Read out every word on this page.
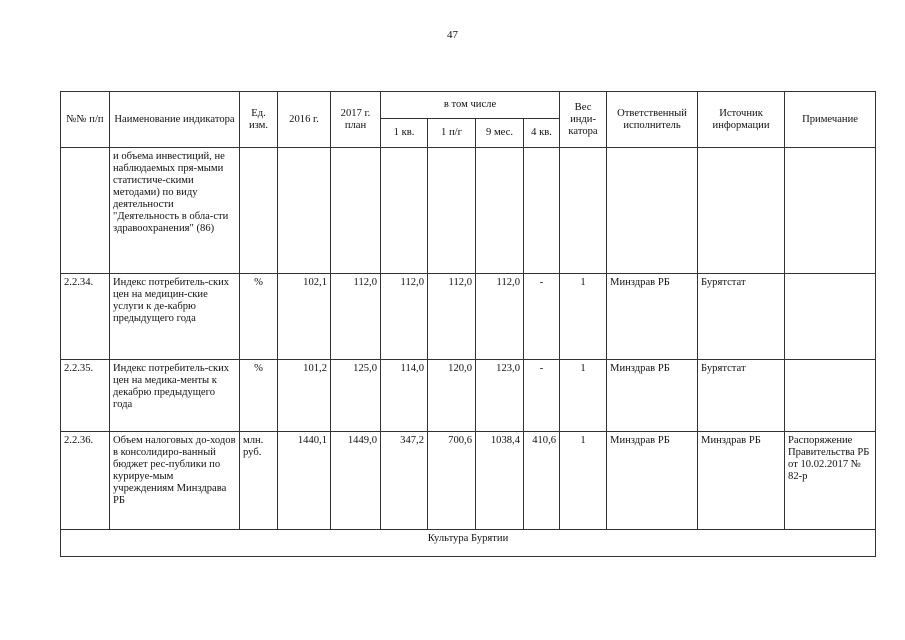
47
№№ п/п	Наименование индикатора	Ед. изм.	2016 г.	2017 г. план	в том числе				Вес инди-катора	Ответственный исполнитель	Источник информации	Примечание
					1 кв.	1 п/г	9 мес.	4 кв.				
	и объема инвестиций, не наблюдаемых пря-мыми статистиче-скими методами) по виду деятельности "Деятельность в обла-сти здравоохранения" (86)											
2.2.34.	Индекс потребитель-ских цен на медицин-ские услуги к де-кабрю предыдущего года	%	102,1	112,0	112,0	112,0	112,0	-	1	Минздрав РБ	Бурятстат	
2.2.35.	Индекс потребитель-ских цен на медика-менты к декабрю предыдущего года	%	101,2	125,0	114,0	120,0	123,0	-	1	Минздрав РБ	Бурятстат	
2.2.36.	Объем налоговых до-ходов в консолидиро-ванный бюджет рес-публики по курируе-мым учреждениям Минздрава РБ	млн. руб.	1440,1	1449,0	347,2	700,6	1038,4	410,6	1	Минздрав РБ	Минздрав РБ	Распоряжение Правительства РБ от 10.02.2017 № 82-р
Культура Бурятии												
